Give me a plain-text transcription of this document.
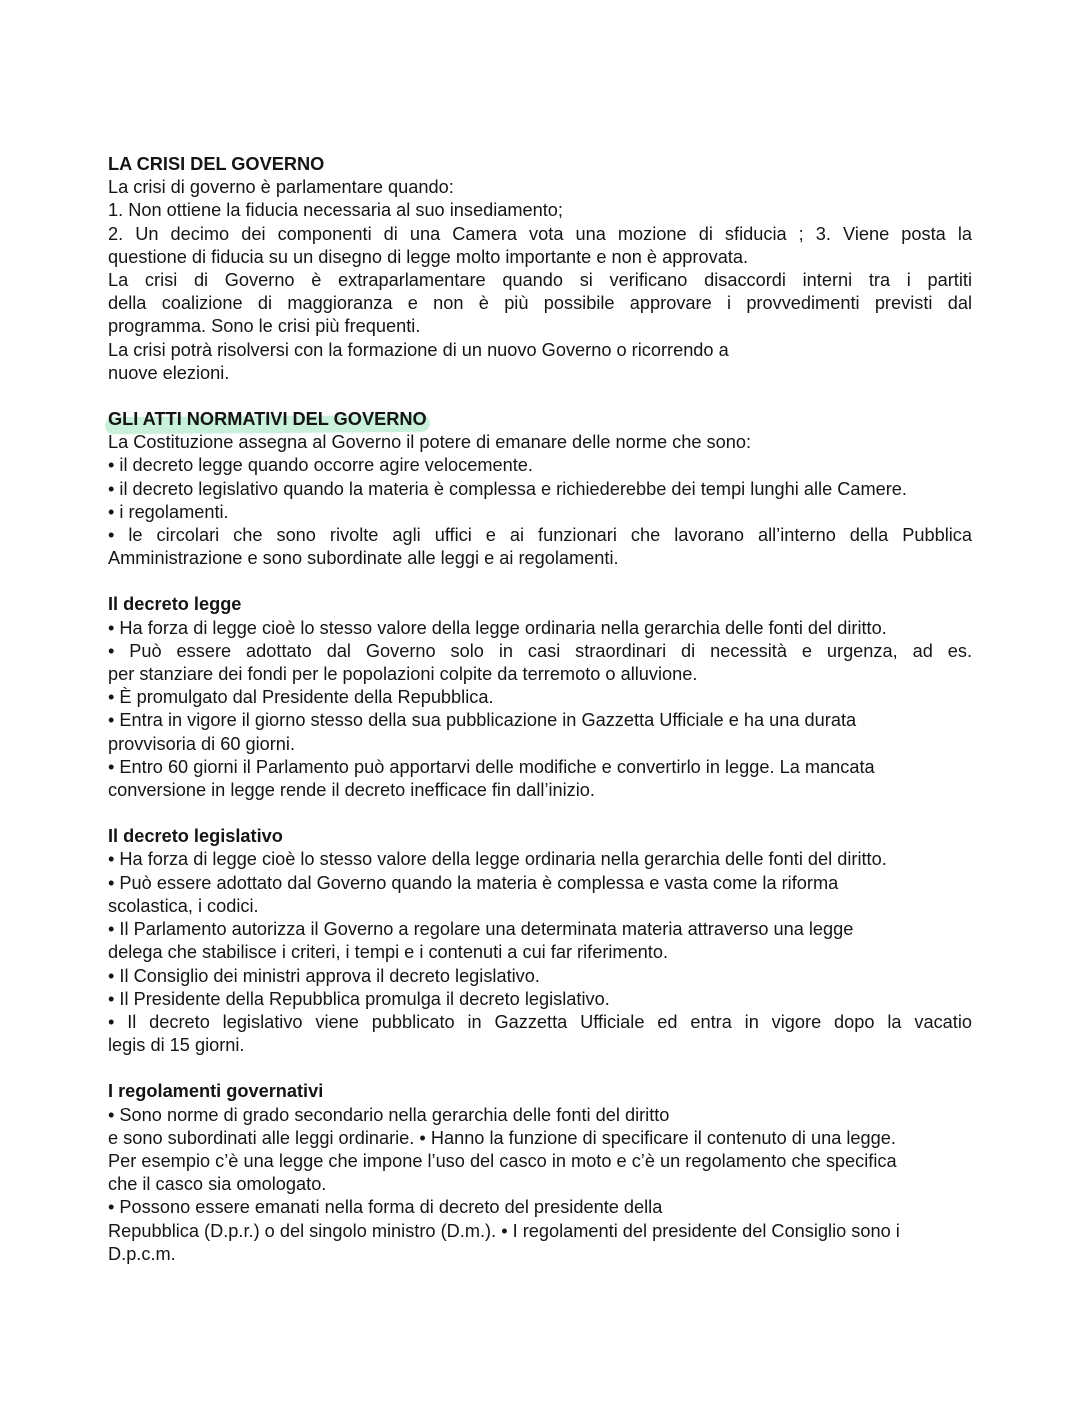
LA CRISI DEL GOVERNO

La crisi di governo è parlamentare quando:

1. Non ottiene la fiducia necessaria al suo insediamento;

2. Un decimo dei componenti di una Camera vota una mozione di sfiducia ; 3. Viene posta la

questione di fiducia su un disegno di legge molto importante e non è approvata.

La crisi di Governo è extraparlamentare quando si verificano disaccordi interni tra i partiti

della coalizione di maggioranza e non è più possibile approvare i provvedimenti previsti dal

programma. Sono le crisi più frequenti.

La crisi potrà risolversi con la formazione di un nuovo Governo o ricorrendo a

nuove elezioni.

GLI ATTI NORMATIVI DEL GOVERNO

La Costituzione assegna al Governo il potere di emanare delle norme che sono:

• il decreto legge quando occorre agire velocemente.

• il decreto legislativo quando la materia è complessa e richiederebbe dei tempi lunghi alle Camere.

• i regolamenti.

• le circolari che sono rivolte agli uffici e ai funzionari che lavorano all’interno della Pubblica

Amministrazione e sono subordinate alle leggi e ai regolamenti.

Il decreto legge

• Ha forza di legge cioè lo stesso valore della legge ordinaria nella gerarchia delle fonti del diritto.

• Può essere adottato dal Governo solo in casi straordinari di necessità e urgenza, ad es.

per stanziare dei fondi per le popolazioni colpite da terremoto o alluvione.

• È promulgato dal Presidente della Repubblica.

• Entra in vigore il giorno stesso della sua pubblicazione in Gazzetta Ufficiale e ha una durata

provvisoria di 60 giorni.

• Entro 60 giorni il Parlamento può apportarvi delle modifiche e convertirlo in legge. La mancata

conversione in legge rende il decreto inefficace fin dall’inizio.

Il decreto legislativo

• Ha forza di legge cioè lo stesso valore della legge ordinaria nella gerarchia delle fonti del diritto.

• Può essere adottato dal Governo quando la materia è complessa e vasta come la riforma

scolastica, i codici.

• Il Parlamento autorizza il Governo a regolare una determinata materia attraverso una legge

delega che stabilisce i criteri, i tempi e i contenuti a cui far riferimento.

• Il Consiglio dei ministri approva il decreto legislativo.

• Il Presidente della Repubblica promulga il decreto legislativo.

• Il decreto legislativo viene pubblicato in Gazzetta Ufficiale ed entra in vigore dopo la vacatio

legis di 15 giorni.

I regolamenti governativi

• Sono norme di grado secondario nella gerarchia delle fonti del diritto

e sono subordinati alle leggi ordinarie. • Hanno la funzione di specificare il contenuto di una legge.

Per esempio c’è una legge che impone l’uso del casco in moto e c’è un regolamento che specifica

che il casco sia omologato.

• Possono essere emanati nella forma di decreto del presidente della

Repubblica (D.p.r.) o del singolo ministro (D.m.). • I regolamenti del presidente del Consiglio sono i

D.p.c.m.
